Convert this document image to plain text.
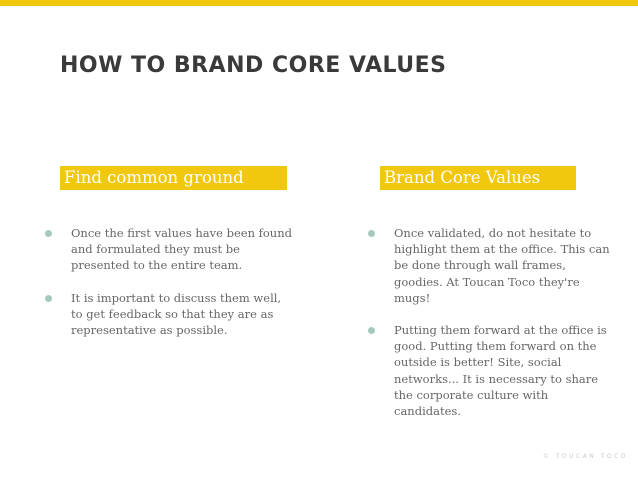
HOW TO BRAND CORE VALUES
Find common ground	Brand Core Values
Once the first values have been found and formulated they must be presented to the entire team.
It is important to discuss them well, to get feedback so that they are as representative as possible.
Once validated, do not hesitate to highlight them at the office. This can be done through wall frames, goodies. At Toucan Toco they're mugs!
Putting them forward at the office is good. Putting them forward on the outside is better! Site, social networks... It is necessary to share the corporate culture with candidates.
© TOUCAN TOCO
